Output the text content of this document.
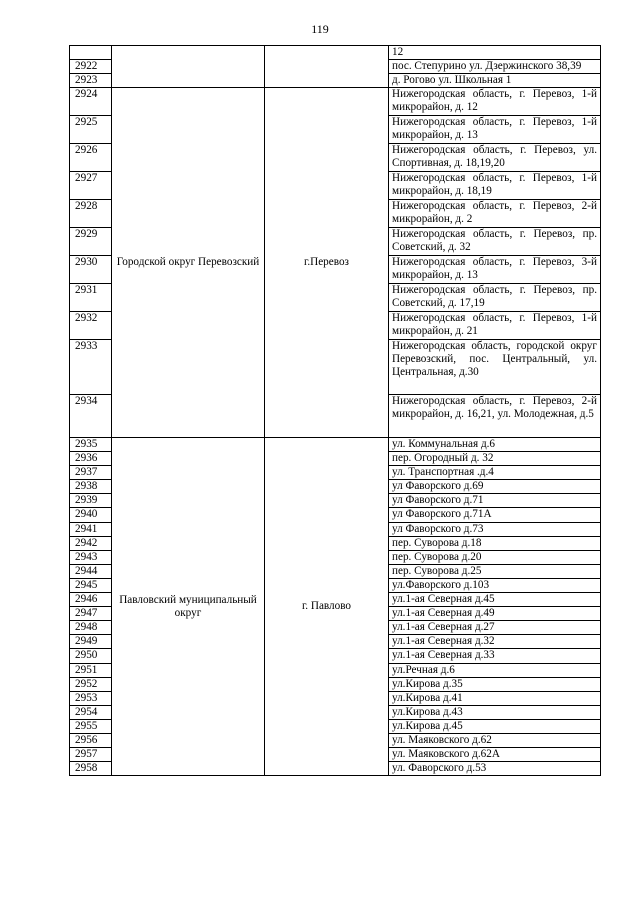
119
			12
2922			пос. Степурино ул. Дзержинского 38,39
2923			д. Рогово ул. Школьная 1
2924	Городской округ Перевозский	г.Перевоз	Нижегородская область, г. Перевоз, 1-й микрорайон, д. 12
2925			Нижегородская область, г. Перевоз, 1-й микрорайон, д. 13
2926			Нижегородская область, г. Перевоз, ул. Спортивная, д. 18,19,20
2927			Нижегородская область, г. Перевоз, 1-й микрорайон, д. 18,19
2928			Нижегородская область, г. Перевоз, 2-й микрорайон, д. 2
2929			Нижегородская область, г. Перевоз, пр. Советский, д. 32
2930			Нижегородская область, г. Перевоз, 3-й микрорайон, д. 13
2931			Нижегородская область, г. Перевоз, пр. Советский, д. 17,19
2932			Нижегородская область, г. Перевоз, 1-й микрорайон, д. 21
2933			Нижегородская область, городской округ Перевозский, пос. Центральный, ул. Центральная, д.30
2934			Нижегородская область, г. Перевоз, 2-й микрорайон, д. 16,21, ул. Молодежная, д.5
2935	Павловский муниципальный округ	г. Павлово	ул. Коммунальная д.6
2936			пер. Огородный д. 32
2937			ул. Транспортная .д.4
2938			ул Фаворского д.69
2939			ул Фаворского д.71
2940			ул Фаворского д.71А
2941			ул Фаворского д.73
2942			пер. Суворова д.18
2943			пер. Суворова д.20
2944			пер. Суворова д.25
2945			ул.Фаворского д.103
2946			ул.1-ая Северная д.45
2947			ул.1-ая Северная д.49
2948			ул.1-ая Северная д.27
2949			ул.1-ая Северная д.32
2950			ул.1-ая Северная д.33
2951			ул.Речная д.6
2952			ул.Кирова д.35
2953			ул.Кирова д.41
2954			ул.Кирова д.43
2955			ул.Кирова д.45
2956			ул. Маяковского д.62
2957			ул. Маяковского д.62А
2958			ул. Фаворского д.53
